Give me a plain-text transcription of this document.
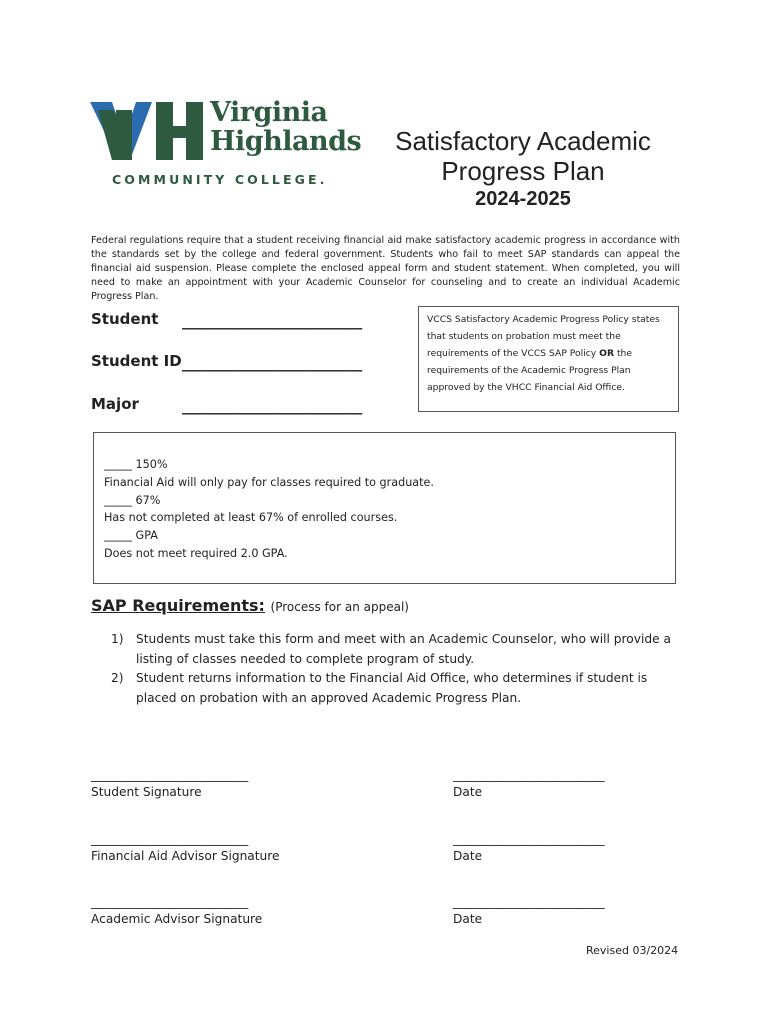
Virginia
Highlands
COMMUNITY COLLEGE.
Satisfactory Academic
Progress Plan
2024-2025
Federal regulations require that a student receiving financial aid make satisfactory academic progress in accordance with the standards set by the college and federal government. Students who fail to meet SAP standards can appeal the financial aid suspension. Please complete the enclosed appeal form and student statement. When completed, you will need to make an appointment with your Academic Counselor for counseling and to create an individual Academic Progress Plan.
Student _________________________
Student ID _________________________
Major	_________________________
VCCS Satisfactory Academic Progress Policy states that students on probation must meet the requirements of the VCCS SAP Policy OR the requirements of the Academic Progress Plan approved by the VHCC Financial Aid Office.
_____ 150%
Financial Aid will only pay for classes required to graduate.
_____ 67%
Has not completed at least 67% of enrolled courses.
_____ GPA
Does not meet required 2.0 GPA.
SAP Requirements: (Process for an appeal)
1)	Students must take this form and meet with an Academic Counselor, who will provide a listing of classes needed to complete program of study.
2)	Student returns information to the Financial Aid Office, who determines if student is placed on probation with an approved Academic Progress Plan.
____________________________
Student Signature
___________________________
Date
____________________________
Financial Aid Advisor Signature
___________________________
Date
____________________________
Academic Advisor Signature
___________________________
Date
Revised 03/2024
